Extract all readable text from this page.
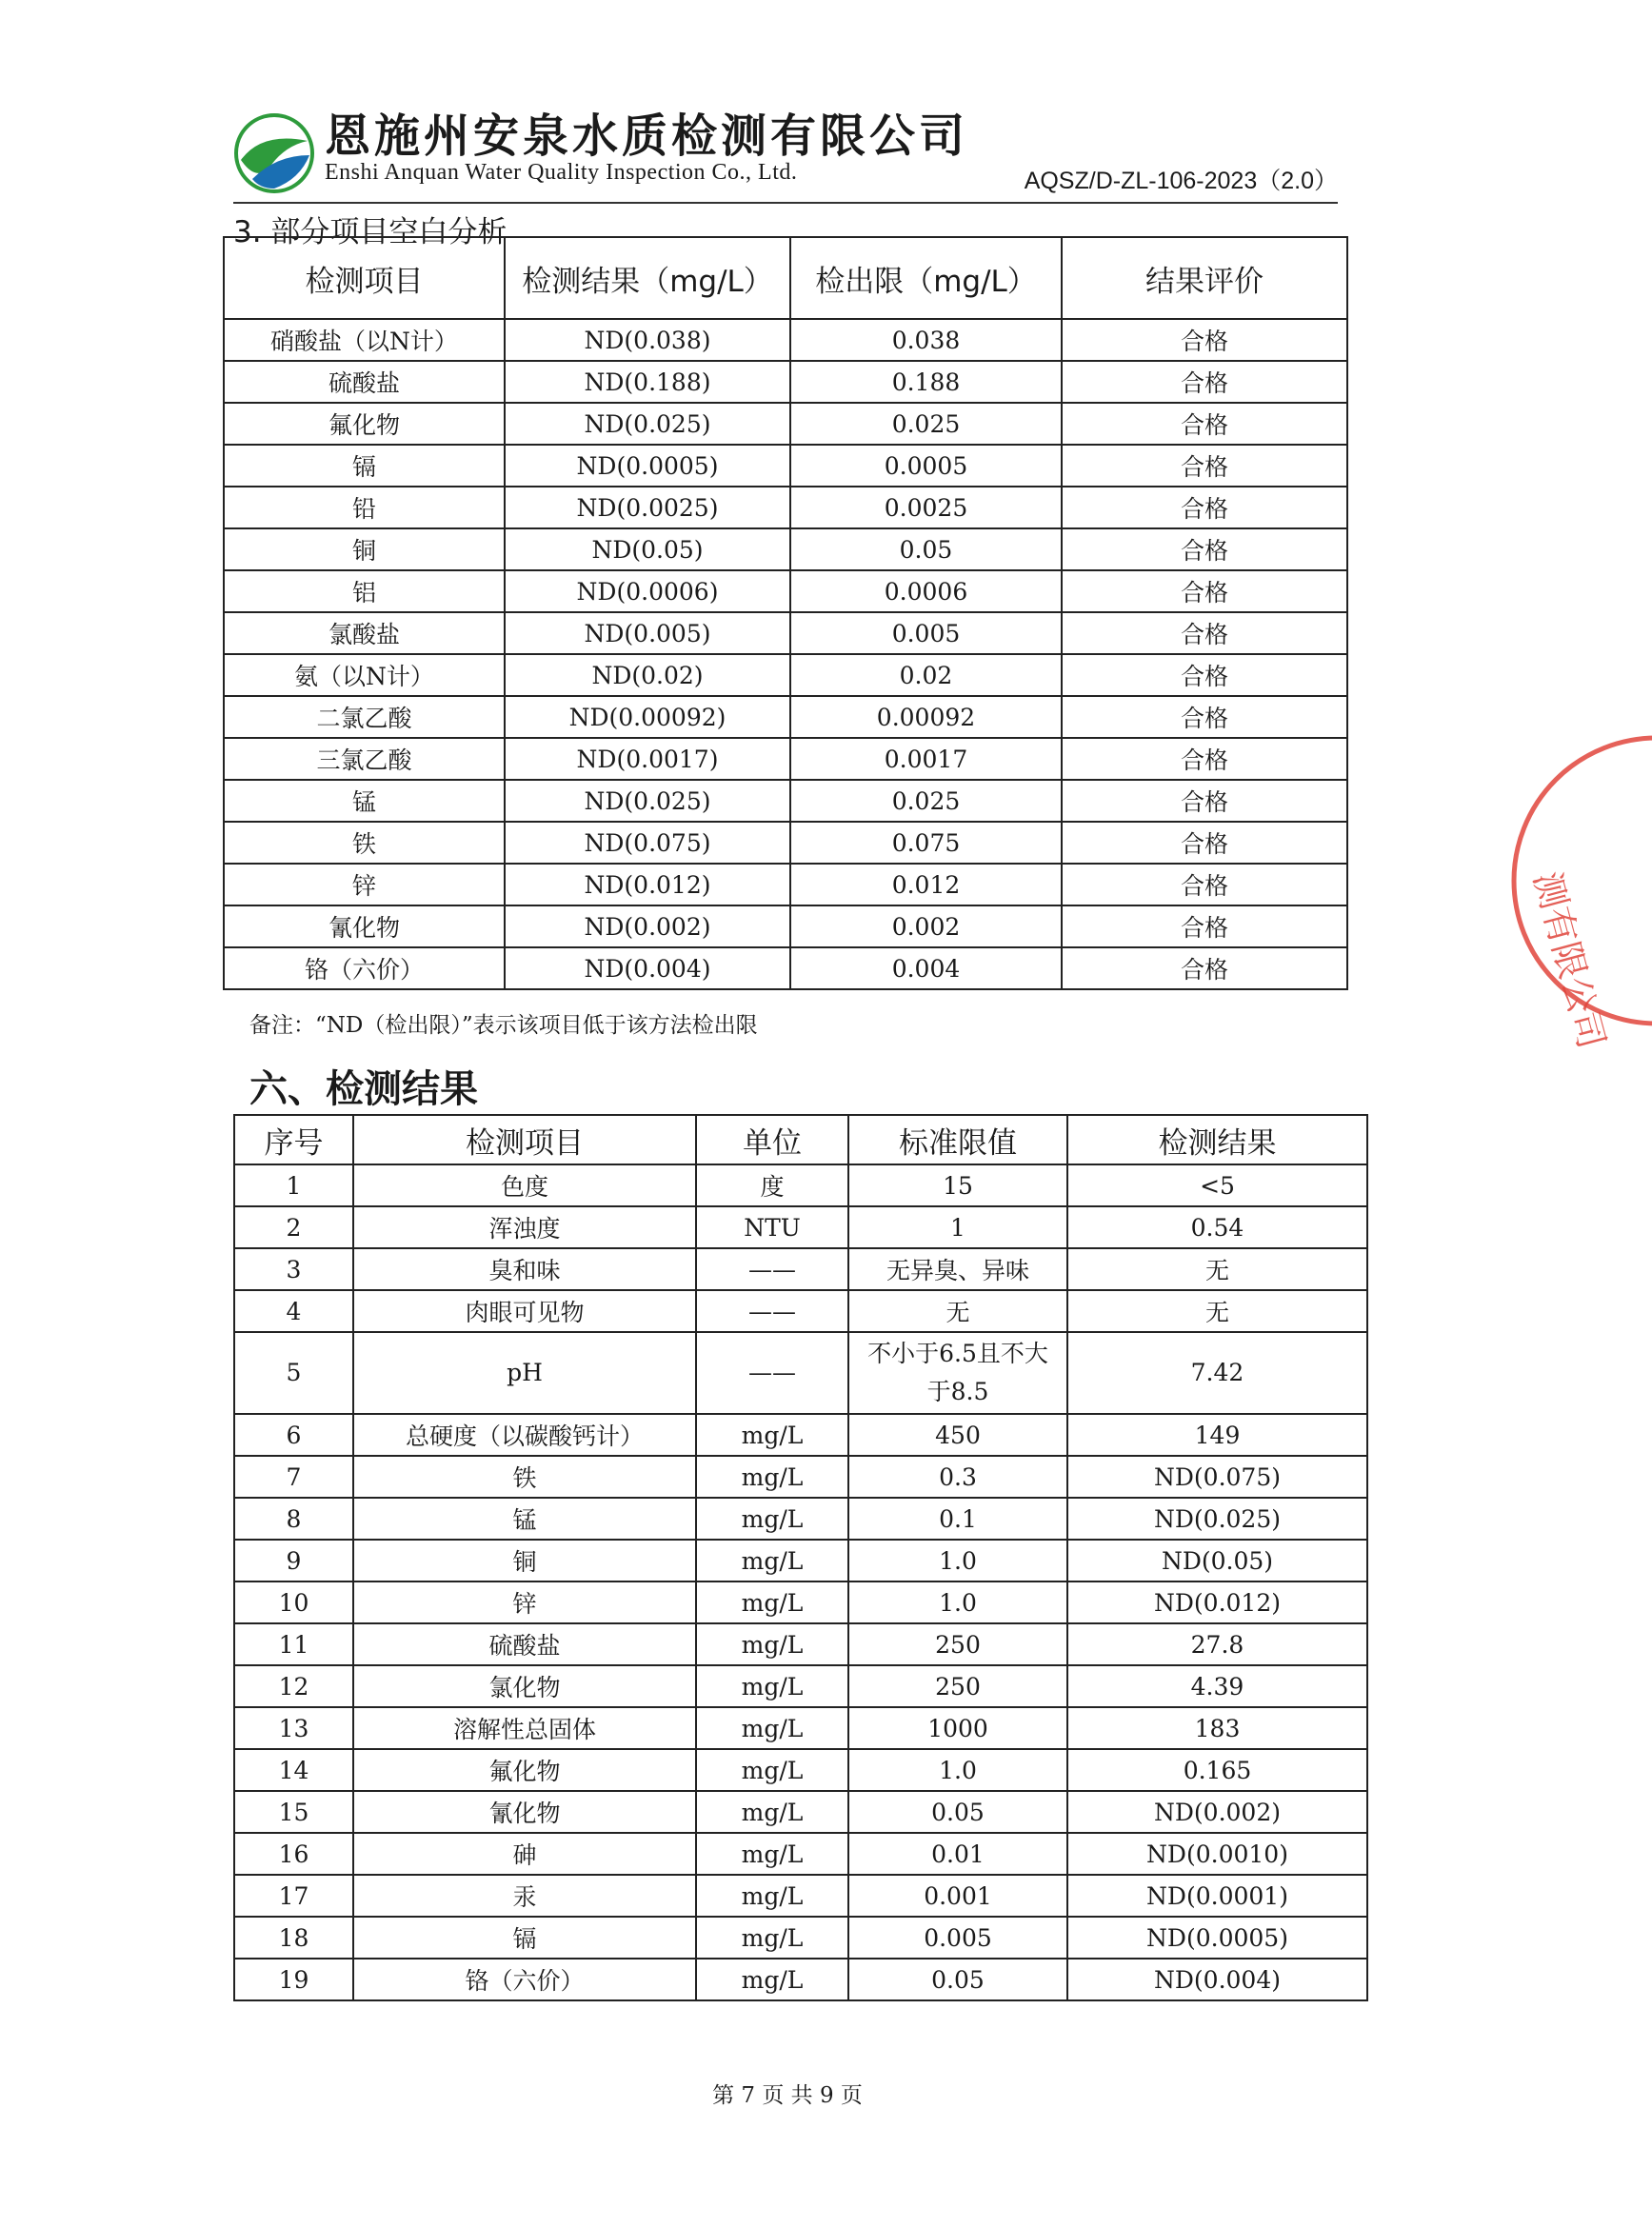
恩施州安泉水质检测有限公司
Enshi Anquan Water Quality Inspection Co., Ltd.	AQSZ/D-ZL-106-2023（2.0）
3. 部分项目空白分析
检测项目	检测结果（mg/L）	检出限（mg/L）	结果评价
硝酸盐（以N计）	ND(0.038)	0.038	合格
硫酸盐	ND(0.188)	0.188	合格
氟化物	ND(0.025)	0.025	合格
镉	ND(0.0005)	0.0005	合格
铅	ND(0.0025)	0.0025	合格
铜	ND(0.05)	0.05	合格
铝	ND(0.0006)	0.0006	合格
氯酸盐	ND(0.005)	0.005	合格
氨（以N计）	ND(0.02)	0.02	合格
二氯乙酸	ND(0.00092)	0.00092	合格
三氯乙酸	ND(0.0017)	0.0017	合格
锰	ND(0.025)	0.025	合格
铁	ND(0.075)	0.075	合格
锌	ND(0.012)	0.012	合格
氰化物	ND(0.002)	0.002	合格
铬（六价）	ND(0.004)	0.004	合格
备注：“ND（检出限）”表示该项目低于该方法检出限
六、检测结果
序号	检测项目	单位	标准限值	检测结果
1	色度	度	15	<5
2	浑浊度	NTU	1	0.54
3	臭和味	——	无异臭、异味	无
4	肉眼可见物	——	无	无
5	pH	——	不小于6.5且不大于8.5	7.42
6	总硬度（以碳酸钙计）	mg/L	450	149
7	铁	mg/L	0.3	ND(0.075)
8	锰	mg/L	0.1	ND(0.025)
9	铜	mg/L	1.0	ND(0.05)
10	锌	mg/L	1.0	ND(0.012)
11	硫酸盐	mg/L	250	27.8
12	氯化物	mg/L	250	4.39
13	溶解性总固体	mg/L	1000	183
14	氟化物	mg/L	1.0	0.165
15	氰化物	mg/L	0.05	ND(0.002)
16	砷	mg/L	0.01	ND(0.0010)
17	汞	mg/L	0.001	ND(0.0001)
18	镉	mg/L	0.005	ND(0.0005)
19	铬（六价）	mg/L	0.05	ND(0.004)
测有限公司
第 7 页 共 9 页
